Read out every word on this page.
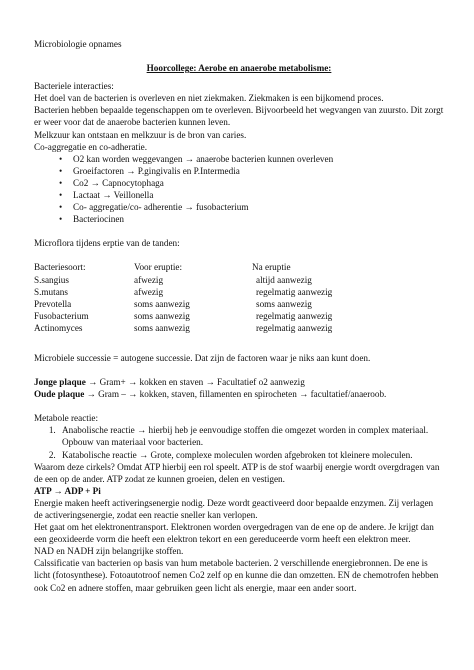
Microbiologie opnames

Hoorcollege: Aerobe en anaerobe metabolisme:

Bacteriele interacties:

Het doel van de bacterien is overleven en niet ziekmaken. Ziekmaken is een bijkomend proces.

Bacterien hebben bepaalde tegenschappen om te overleven. Bijvoorbeeld het wegvangen van zuursto. Dit zorgt er weer voor dat de anaerobe bacterien kunnen leven.

Melkzuur kan ontstaan en melkzuur is de bron van caries.

Co-aggregatie en co-adheratie.

• O2 kan worden weggevangen → anaerobe bacterien kunnen overleven
• Groeifactoren → P.gingivalis en P.Intermedia
• Co2 → Capnocytophaga
• Lactaat → Veillonella
• Co- aggregatie/co- adherentie → fusobacterium
• Bacteriocinen

Microflora tijdens erptie van de tanden:

Bacteriesoort:	Voor eruptie:	Na eruptie
S.sangius	afwezig	altijd aanwezig
S.mutans	afwezig	regelmatig aanwezig
Prevotella	soms aanwezig	soms aanwezig
Fusobacterium	soms aanwezig	regelmatig aanwezig
Actinomyces	soms aanwezig	regelmatig aanwezig

Microbiele successie = autogene successie. Dat zijn de factoren waar je niks aan kunt doen.

Jonge plaque → Gram+ → kokken en staven → Facultatief o2 aanwezig

Oude plaque → Gram – → kokken, staven, fillamenten en spirocheten → facultatief/anaeroob.

Metabole reactie:

1. Anabolische reactie → hierbij heb je eenvoudige stoffen die omgezet worden in complex materiaal. Opbouw van materiaal voor bacterien.
2. Katabolische reactie → Grote, complexe moleculen worden afgebroken tot kleinere moleculen.

Waarom deze cirkels? Omdat ATP hierbij een rol speelt. ATP is de stof waarbij energie wordt overgdragen van de een op de ander. ATP zodat ze kunnen groeien, delen en vestigen.

ATP → ADP + Pi

Energie maken heeft activeringsenergie nodig. Deze wordt geactiveerd door bepaalde enzymen. Zij verlagen de activeringsenergie, zodat een reactie sneller kan verlopen.

Het gaat om het elektronentransport. Elektronen worden overgedragen van de ene op de andere. Je krijgt dan een geoxideerde vorm die heeft een elektron tekort en een gereduceerde vorm heeft een elektron meer.

NAD en NADH zijn belangrijke stoffen.

Calssificatie van bacterien op basis van hum metabole bacterien. 2 verschillende energiebronnen. De ene is licht (fotosynthese). Fotoautotroof nemen Co2 zelf op en kunne die dan omzetten. EN de chemotrofen hebben ook Co2 en adnere stoffen, maar gebruiken geen licht als energie, maar een ander soort.
